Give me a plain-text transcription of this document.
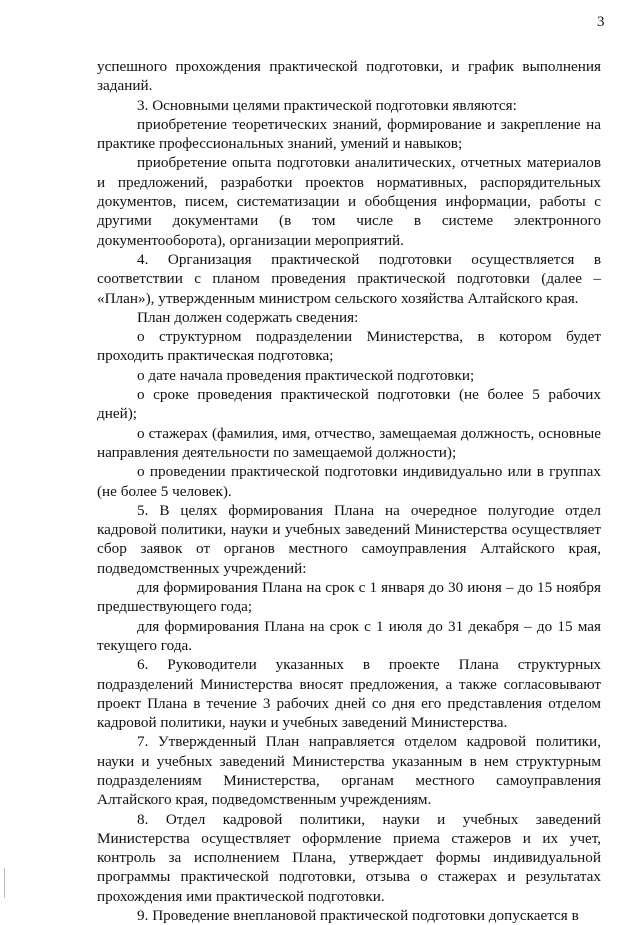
3

успешного прохождения практической подготовки, и график выполнения заданий.

3. Основными целями практической подготовки являются:

приобретение теоретических знаний, формирование и закрепление на практике профессиональных знаний, умений и навыков;

приобретение опыта подготовки аналитических, отчетных материалов и предложений, разработки проектов нормативных, распорядительных документов, писем, систематизации и обобщения информации, работы с другими документами (в том числе в системе электронного документооборота), организации мероприятий.

4. Организация практической подготовки осуществляется в соответствии с планом проведения практической подготовки (далее – «План»), утвержденным министром сельского хозяйства Алтайского края.

План должен содержать сведения:

о структурном подразделении Министерства, в котором будет проходить практическая подготовка;

о дате начала проведения практической подготовки;

о сроке проведения практической подготовки (не более 5 рабочих дней);

о стажерах (фамилия, имя, отчество, замещаемая должность, основные направления деятельности по замещаемой должности);

о проведении практической подготовки индивидуально или в группах (не более 5 человек).

5. В целях формирования Плана на очередное полугодие отдел кадровой политики, науки и учебных заведений Министерства осуществляет сбор заявок от органов местного самоуправления Алтайского края, подведомственных учреждений:

для формирования Плана на срок с 1 января до 30 июня – до 15 ноября предшествующего года;

для формирования Плана на срок с 1 июля до 31 декабря – до 15 мая текущего года.

6. Руководители указанных в проекте Плана структурных подразделений Министерства вносят предложения, а также согласовывают проект Плана в течение 3 рабочих дней со дня его представления отделом кадровой политики, науки и учебных заведений Министерства.

7. Утвержденный План направляется отделом кадровой политики, науки и учебных заведений Министерства указанным в нем структурным подразделениям Министерства, органам местного самоуправления Алтайского края, подведомственным учреждениям.

8. Отдел кадровой политики, науки и учебных заведений Министерства осуществляет оформление приема стажеров и их учет, контроль за исполнением Плана, утверждает формы индивидуальной программы практической подготовки, отзыва о стажерах и результатах прохождения ими практической подготовки.

9. Проведение внеплановой практической подготовки допускается в
